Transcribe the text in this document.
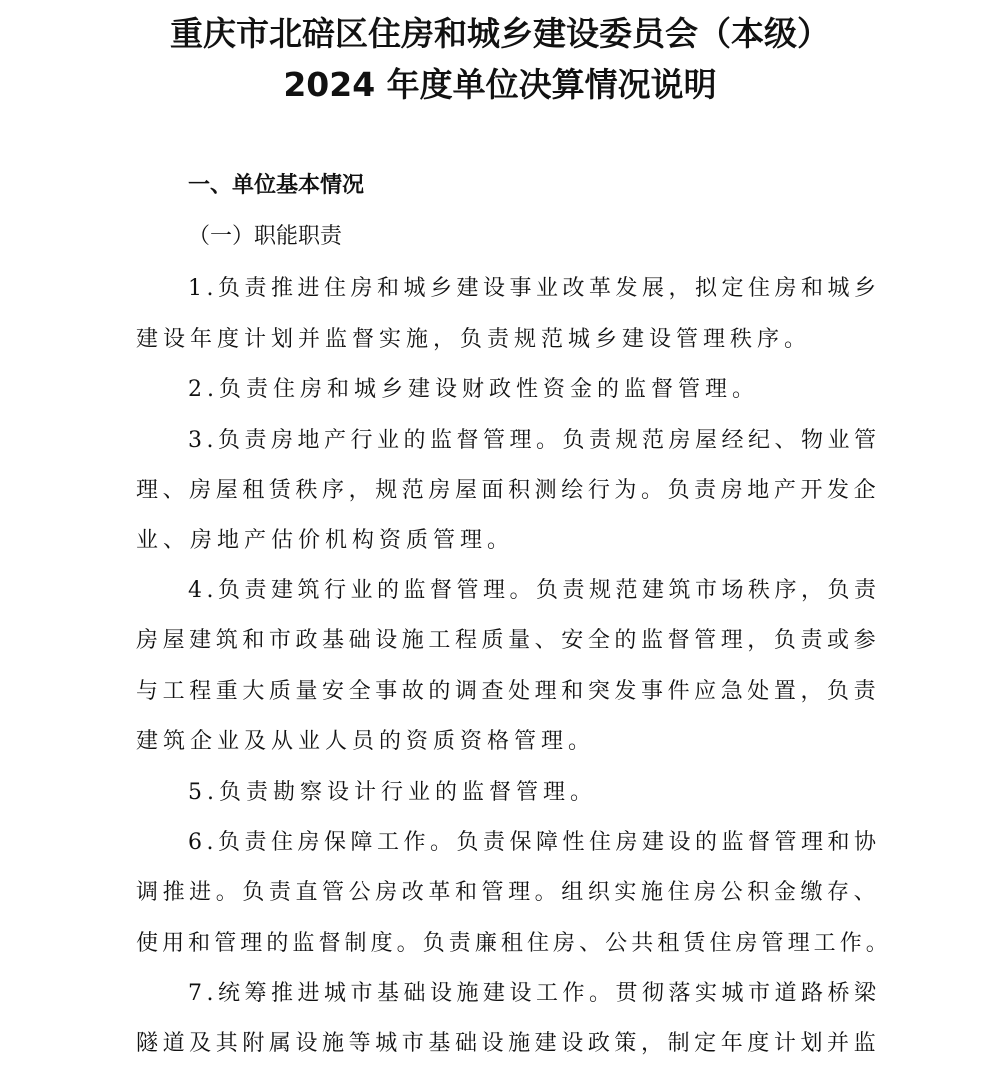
重庆市北碚区住房和城乡建设委员会（本级）
2024 年度单位决算情况说明
一、单位基本情况
（一）职能职责
1 . 负 责 推 进 住 房 和 城 乡 建 设 事 业 改 革 发 展 ， 拟 定 住 房 和 城 乡
建设年度计划并监督实施，负责规范城乡建设管理秩序。
2.负责住房和城乡建设财政性资金的监督管理。
3 . 负 责 房 地 产 行 业 的 监 督 管 理 。 负 责 规 范 房 屋 经 纪 、 物 业 管
理 、 房 屋 租 赁 秩 序 ， 规 范 房 屋 面 积 测 绘 行 为 。 负 责 房 地 产 开 发 企
业、房地产估价机构资质管理。
4 . 负 责 建 筑 行 业 的 监 督 管 理 。 负 责 规 范 建 筑 市 场 秩 序 ， 负 责
房 屋 建 筑 和 市 政 基 础 设 施 工 程 质 量 、 安 全 的 监 督 管 理 ， 负 责 或 参
与 工 程 重 大 质 量 安 全 事 故 的 调 查 处 理 和 突 发 事 件 应 急 处 置 ， 负 责
建筑企业及从业人员的资质资格管理。
5.负责勘察设计行业的监督管理。
6 . 负 责 住 房 保 障 工 作 。 负 责 保 障 性 住 房 建 设 的 监 督 管 理 和 协
调 推 进 。 负 责 直 管 公 房 改 革 和 管 理 。 组 织 实 施 住 房 公 积 金 缴 存 、
使 用 和 管 理 的 监 督 制 度 。 负 责 廉 租 住 房 、 公 共 租 赁 住 房 管 理 工 作 。
7 . 统 筹 推 进 城 市 基 础 设 施 建 设 工 作 。 贯 彻 落 实 城 市 道 路 桥 梁
隧 道 及 其 附 属 设 施 等 城 市 基 础 设 施 建 设 政 策 ， 制 定 年 度 计 划 并 监
